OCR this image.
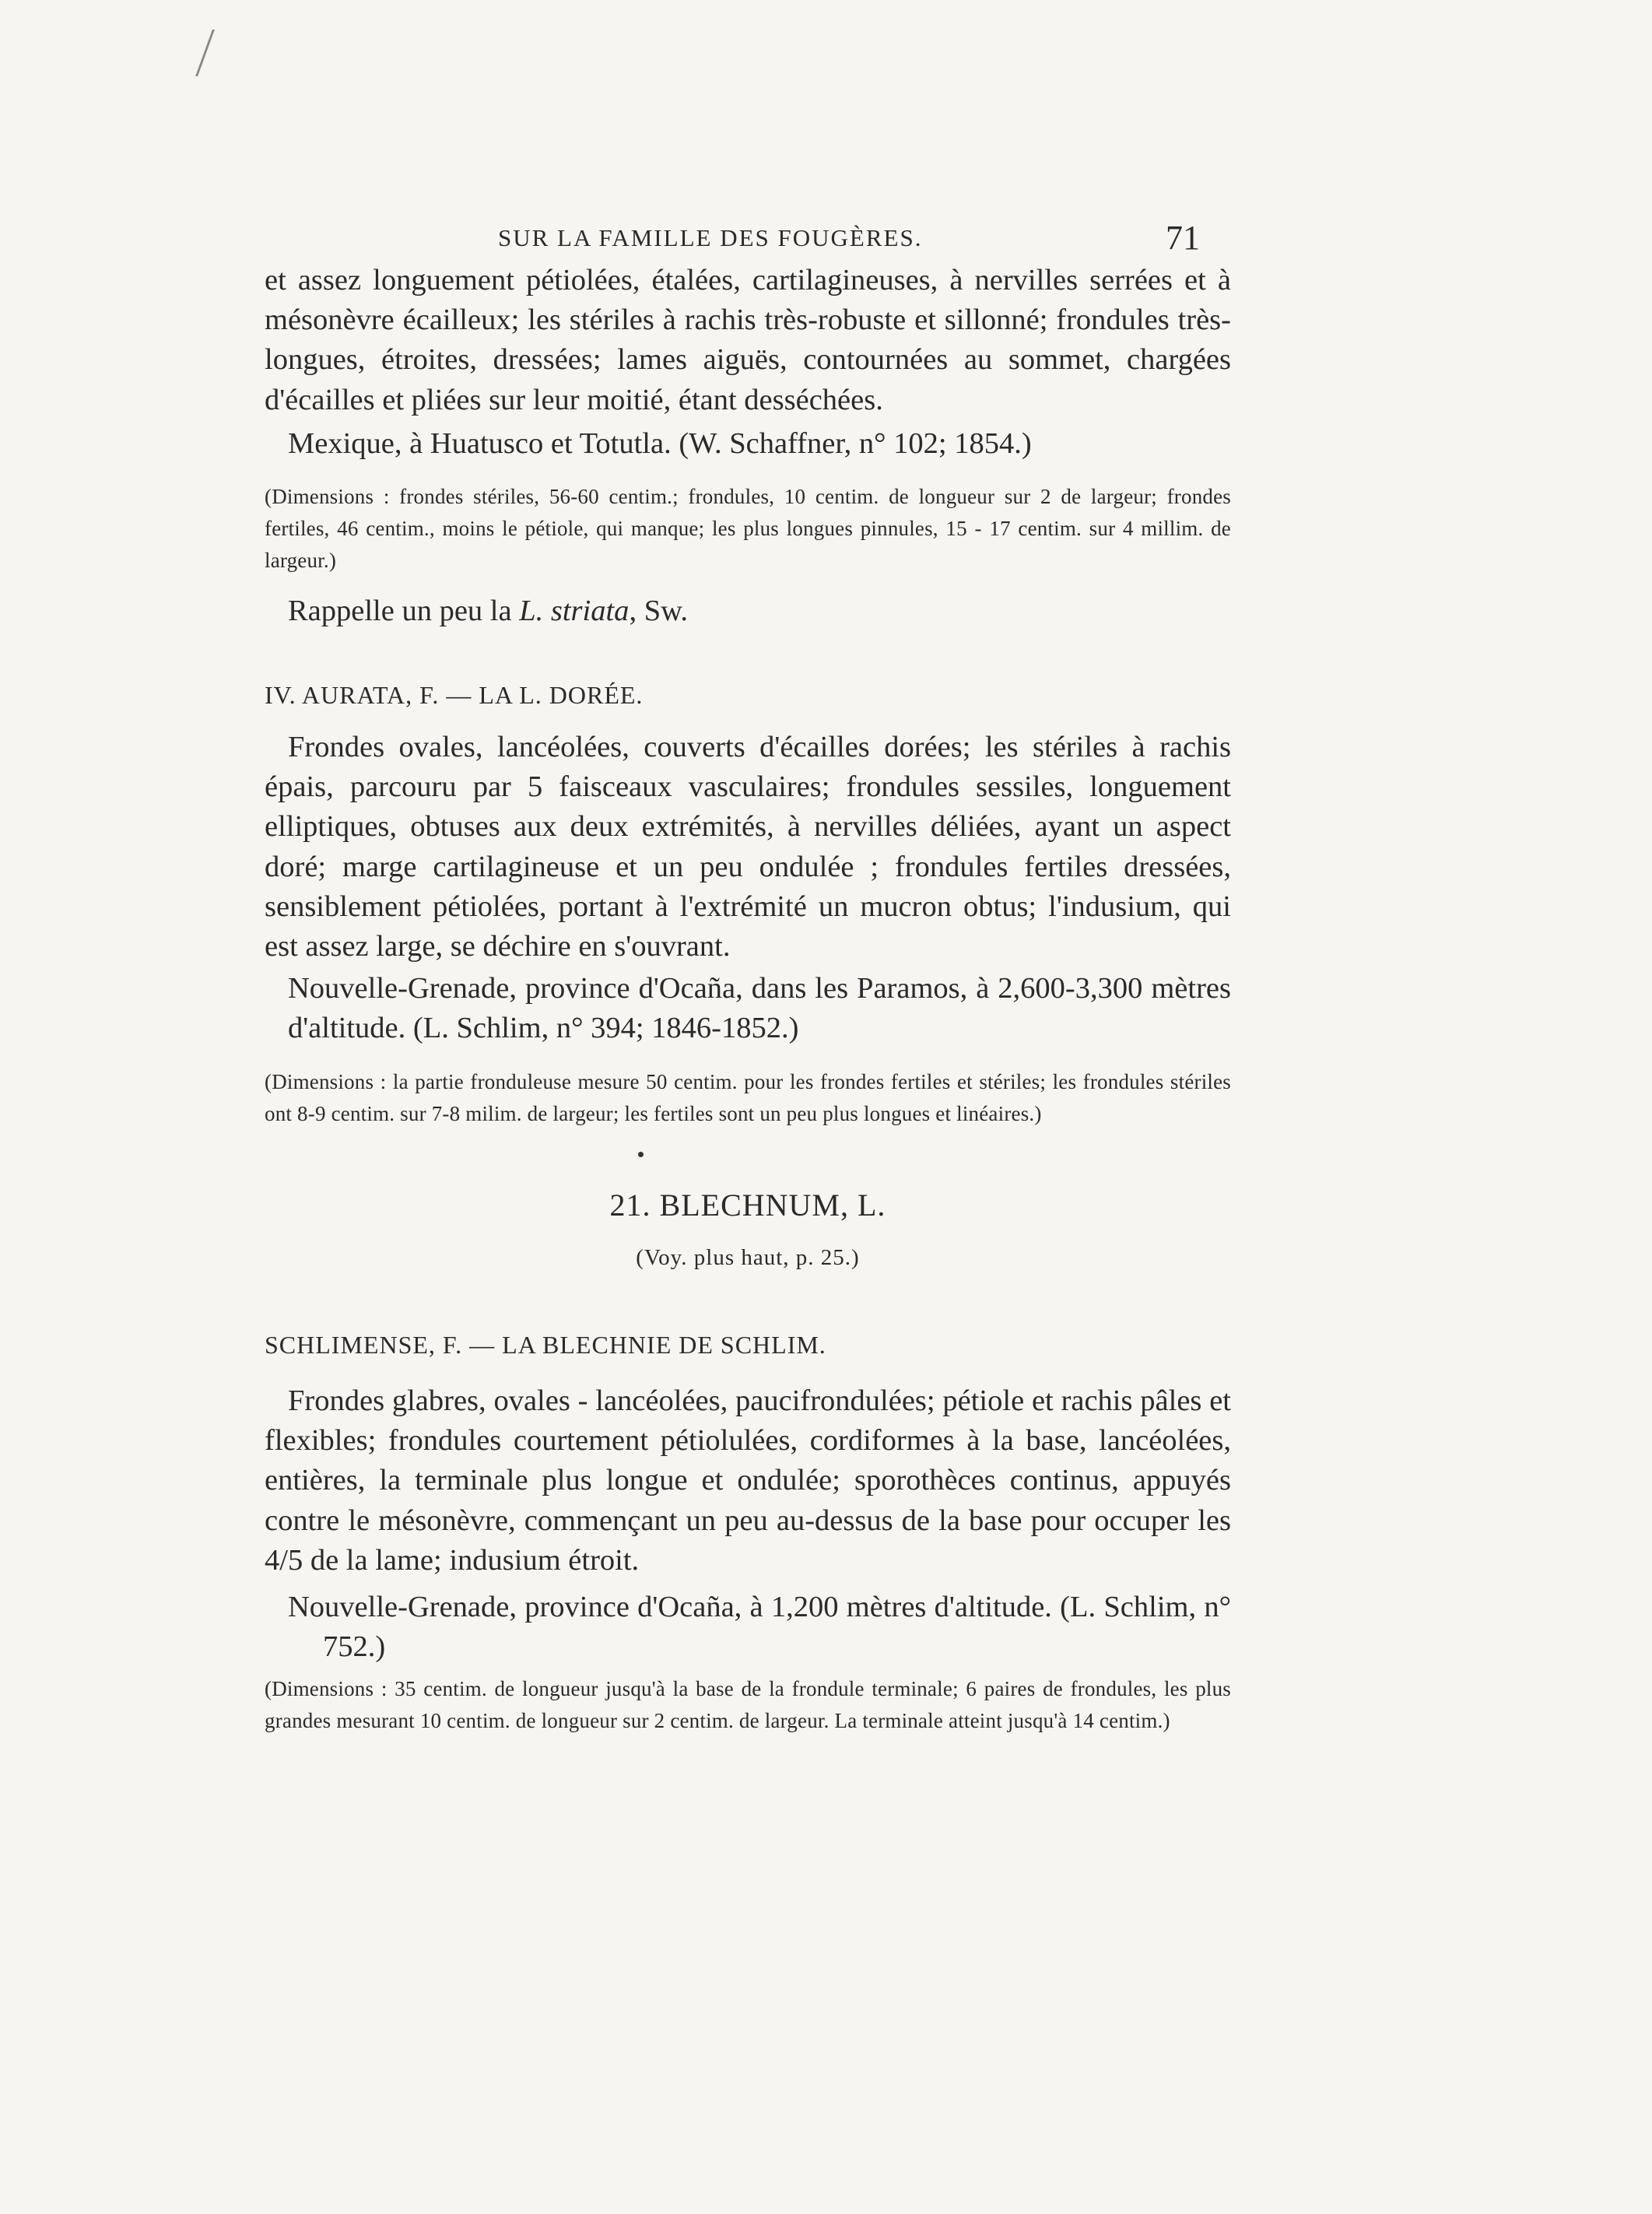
SUR LA FAMILLE DES FOUGÈRES.	71

et assez longuement pétiolées, étalées, cartilagineuses, à nervilles serrées et à mésonèvre écailleux; les stériles à rachis très-robuste et sillonné; frondules très-longues, étroites, dressées; lames aiguës, contournées au sommet, chargées d'écailles et pliées sur leur moitié, étant desséchées.

Mexique, à Huatusco et Totutla. (W. Schaffner, n° 102; 1854.)

(Dimensions : frondes stériles, 56-60 centim.; frondules, 10 centim. de longueur sur 2 de largeur; frondes fertiles, 46 centim., moins le pétiole, qui manque; les plus longues pinnules, 15 - 17 centim. sur 4 millim. de largeur.)

Rappelle un peu la L. striata, Sw.

IV. AURATA, F. — LA L. DORÉE.

Frondes ovales, lancéolées, couverts d'écailles dorées; les stériles à rachis épais, parcouru par 5 faisceaux vasculaires; frondules sessiles, longuement elliptiques, obtuses aux deux extrémités, à nervilles déliées, ayant un aspect doré; marge cartilagineuse et un peu ondulée ; frondules fertiles dressées, sensiblement pétiolées, portant à l'extrémité un mucron obtus; l'indusium, qui est assez large, se déchire en s'ouvrant.

Nouvelle-Grenade, province d'Ocaña, dans les Paramos, à 2,600-3,300 mètres d'altitude. (L. Schlim, n° 394; 1846-1852.)

(Dimensions : la partie fronduleuse mesure 50 centim. pour les frondes fertiles et stériles; les frondules stériles ont 8-9 centim. sur 7-8 milim. de largeur; les fertiles sont un peu plus longues et linéaires.)

21. BLECHNUM, L.

(Voy. plus haut, p. 25.)

SCHLIMENSE, F. — LA BLECHNIE DE SCHLIM.

Frondes glabres, ovales - lancéolées, paucifrondulées; pétiole et rachis pâles et flexibles; frondules courtement pétiolulées, cordiformes à la base, lancéolées, entières, la terminale plus longue et ondulée; sporothèces continus, appuyés contre le mésonèvre, commençant un peu au-dessus de la base pour occuper les 4/5 de la lame; indusium étroit.

Nouvelle-Grenade, province d'Ocaña, à 1,200 mètres d'altitude. (L. Schlim, n° 752.)

(Dimensions : 35 centim. de longueur jusqu'à la base de la frondule terminale; 6 paires de frondules, les plus grandes mesurant 10 centim. de longueur sur 2 centim. de largeur. La terminale atteint jusqu'à 14 centim.)
